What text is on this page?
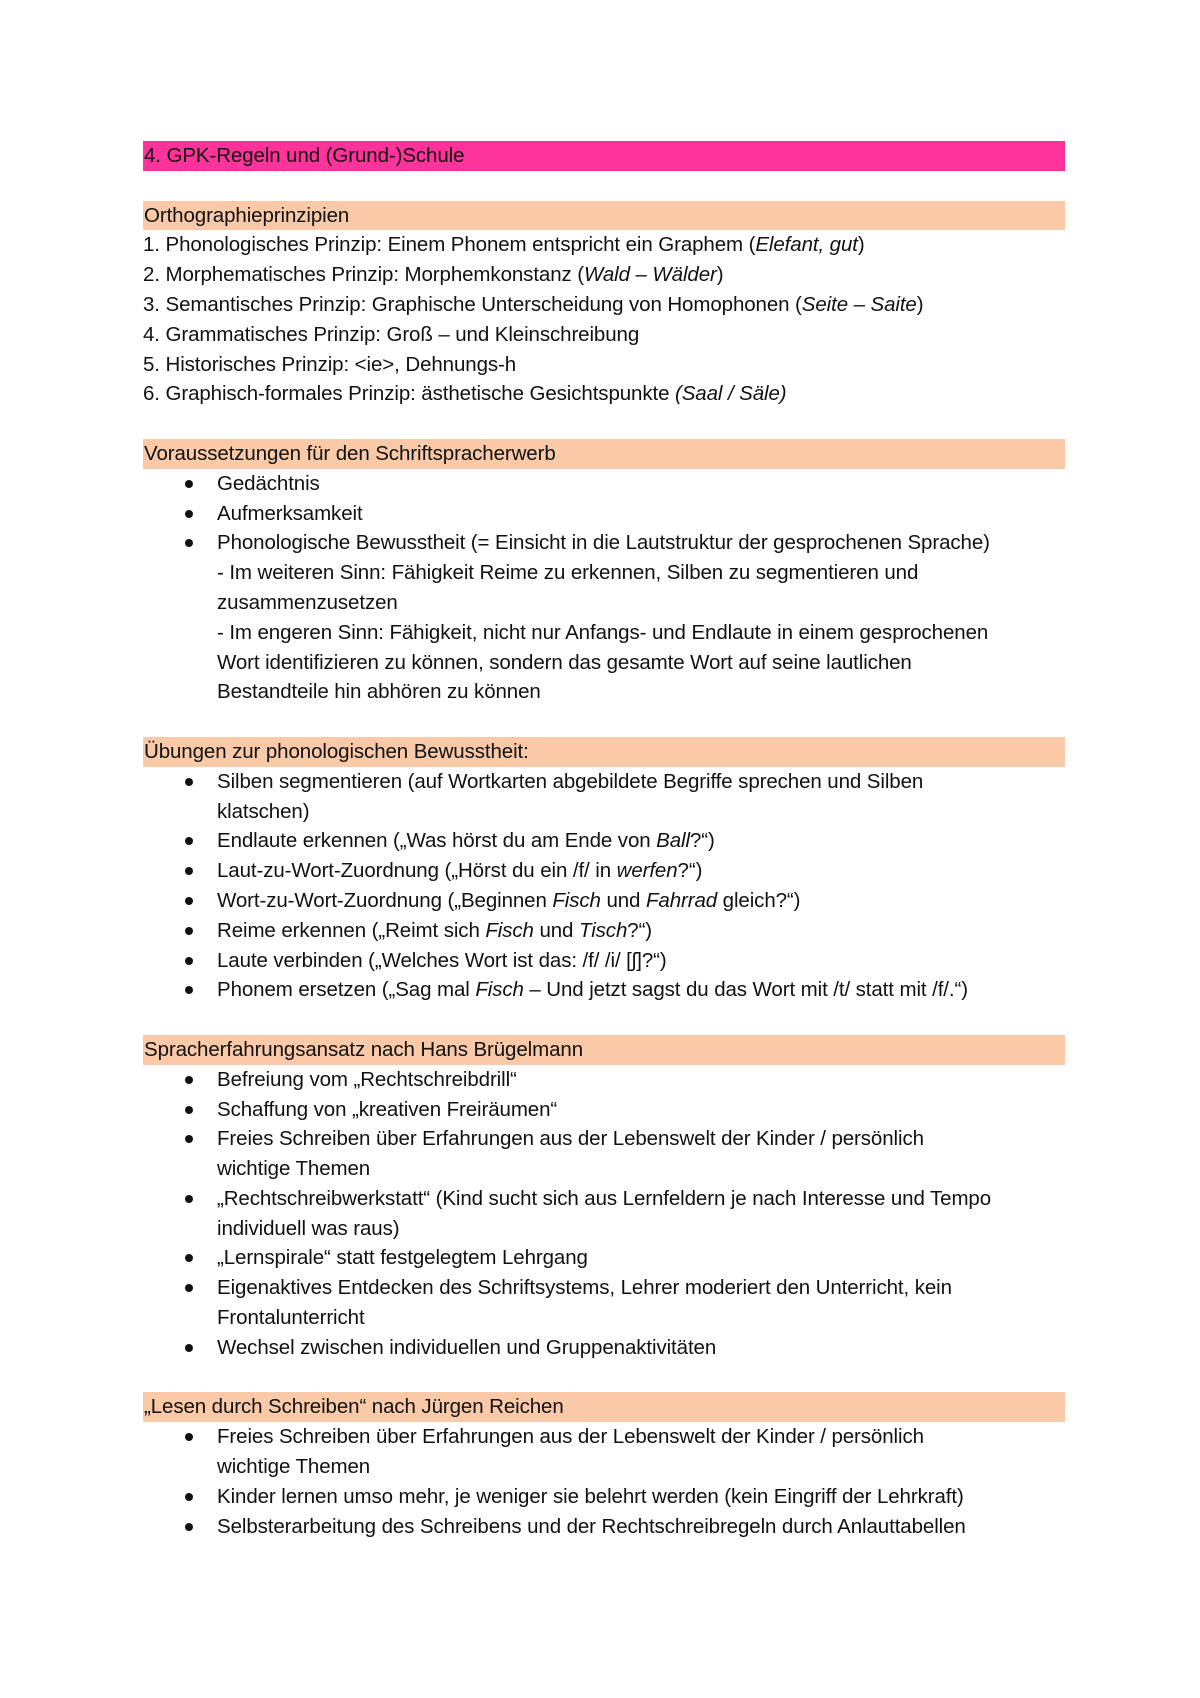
4. GPK-Regeln und (Grund-)Schule
Orthographieprinzipien
1. Phonologisches Prinzip: Einem Phonem entspricht ein Graphem (Elefant, gut)
2. Morphematisches Prinzip: Morphemkonstanz (Wald – Wälder)
3. Semantisches Prinzip: Graphische Unterscheidung von Homophonen (Seite – Saite)
4. Grammatisches Prinzip: Groß – und Kleinschreibung
5. Historisches Prinzip: <ie>, Dehnungs-h
6. Graphisch-formales Prinzip: ästhetische Gesichtspunkte (Saal / Säle)
Voraussetzungen für den Schriftspracherwerb
Gedächtnis
Aufmerksamkeit
Phonologische Bewusstheit (= Einsicht in die Lautstruktur der gesprochenen Sprache)
- Im weiteren Sinn: Fähigkeit Reime zu erkennen, Silben zu segmentieren und
zusammenzusetzen
- Im engeren Sinn: Fähigkeit, nicht nur Anfangs- und Endlaute in einem gesprochenen
Wort identifizieren zu können, sondern das gesamte Wort auf seine lautlichen
Bestandteile hin abhören zu können
Übungen zur phonologischen Bewusstheit:
Silben segmentieren (auf Wortkarten abgebildete Begriffe sprechen und Silben
klatschen)
Endlaute erkennen („Was hörst du am Ende von Ball?“)
Laut-zu-Wort-Zuordnung („Hörst du ein /f/ in werfen?“)
Wort-zu-Wort-Zuordnung („Beginnen Fisch und Fahrrad gleich?“)
Reime erkennen („Reimt sich Fisch und Tisch?“)
Laute verbinden („Welches Wort ist das: /f/ /i/ [ʃ]?“)
Phonem ersetzen („Sag mal Fisch – Und jetzt sagst du das Wort mit /t/ statt mit /f/.“)
Spracherfahrungsansatz nach Hans Brügelmann
Befreiung vom „Rechtschreibdrill“
Schaffung von „kreativen Freiräumen“
Freies Schreiben über Erfahrungen aus der Lebenswelt der Kinder / persönlich
wichtige Themen
„Rechtschreibwerkstatt“ (Kind sucht sich aus Lernfeldern je nach Interesse und Tempo
individuell was raus)
„Lernspirale“ statt festgelegtem Lehrgang
Eigenaktives Entdecken des Schriftsystems, Lehrer moderiert den Unterricht, kein
Frontalunterricht
Wechsel zwischen individuellen und Gruppenaktivitäten
„Lesen durch Schreiben“ nach Jürgen Reichen
Freies Schreiben über Erfahrungen aus der Lebenswelt der Kinder / persönlich
wichtige Themen
Kinder lernen umso mehr, je weniger sie belehrt werden (kein Eingriff der Lehrkraft)
Selbsterarbeitung des Schreibens und der Rechtschreibregeln durch Anlauttabellen
